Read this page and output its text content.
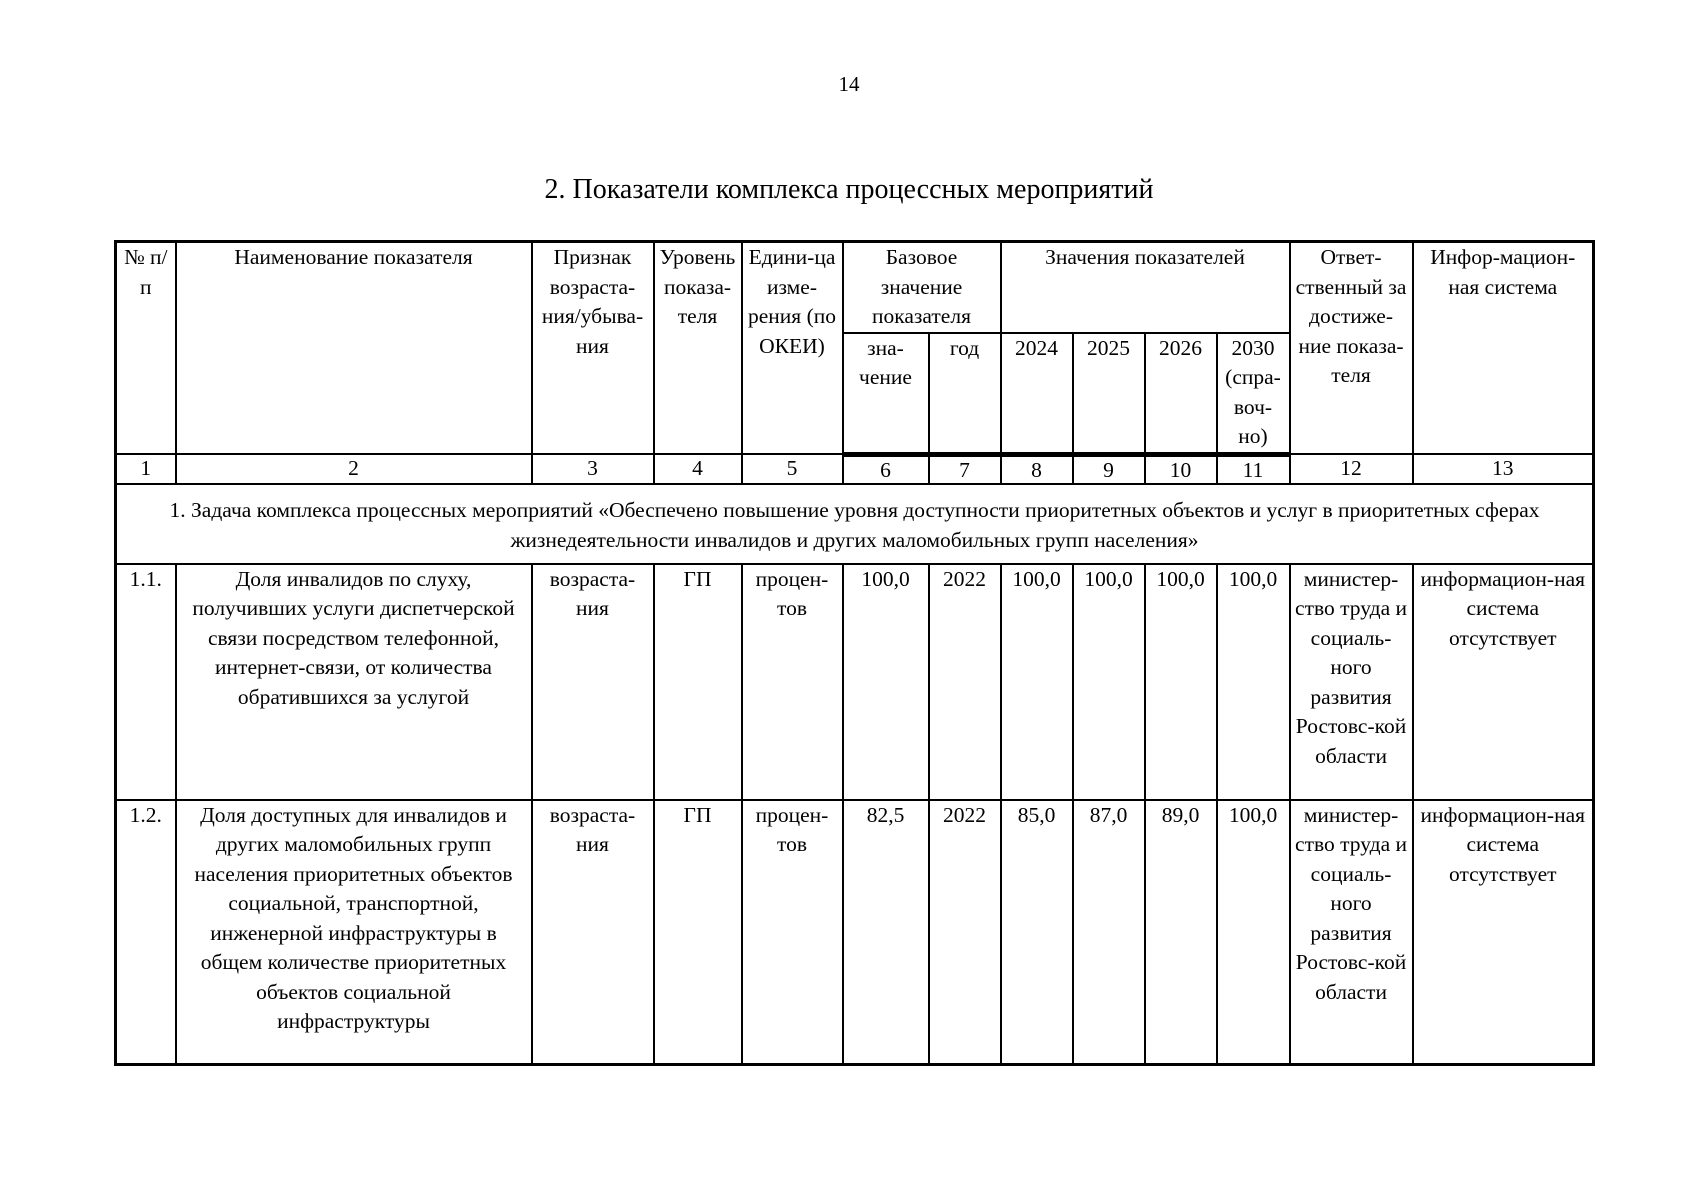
14
2. Показатели комплекса процессных мероприятий
№ п/п	Наименование показателя	Признак возраста-ния/убыва-ния	Уровень показа-теля	Едини-ца изме-рения (по ОКЕИ)	Базовое значение показателя		Значения показателей				Ответ-ственный за достиже-ние показа-теля	Инфор-мацион-ная система
					зна-чение	год	2024	2025	2026	2030 (спра-воч-но)		
1	2	3	4	5	6	7	8	9	10	11	12	13
1. Задача комплекса процессных мероприятий «Обеспечено повышение уровня доступности приоритетных объектов и услуг в приоритетных сферах жизнедеятельности инвалидов и других маломобильных групп населения»												
1.1.	Доля инвалидов по слуху, получивших услуги диспетчерской связи посредством телефонной, интернет-связи, от количества обратившихся за услугой	возраста-ния	ГП	процен-тов	100,0	2022	100,0	100,0	100,0	100,0	министер-ство труда и социаль-ного развития Ростовс-кой области	информацион-ная система отсутствует
1.2.	Доля доступных для инвалидов и других маломобильных групп населения приоритетных объектов социальной, транспортной, инженерной инфраструктуры в общем количестве приоритетных объектов социальной инфраструктуры	возраста-ния	ГП	процен-тов	82,5	2022	85,0	87,0	89,0	100,0	министер-ство труда и социаль-ного развития Ростовс-кой области	информацион-ная система отсутствует
